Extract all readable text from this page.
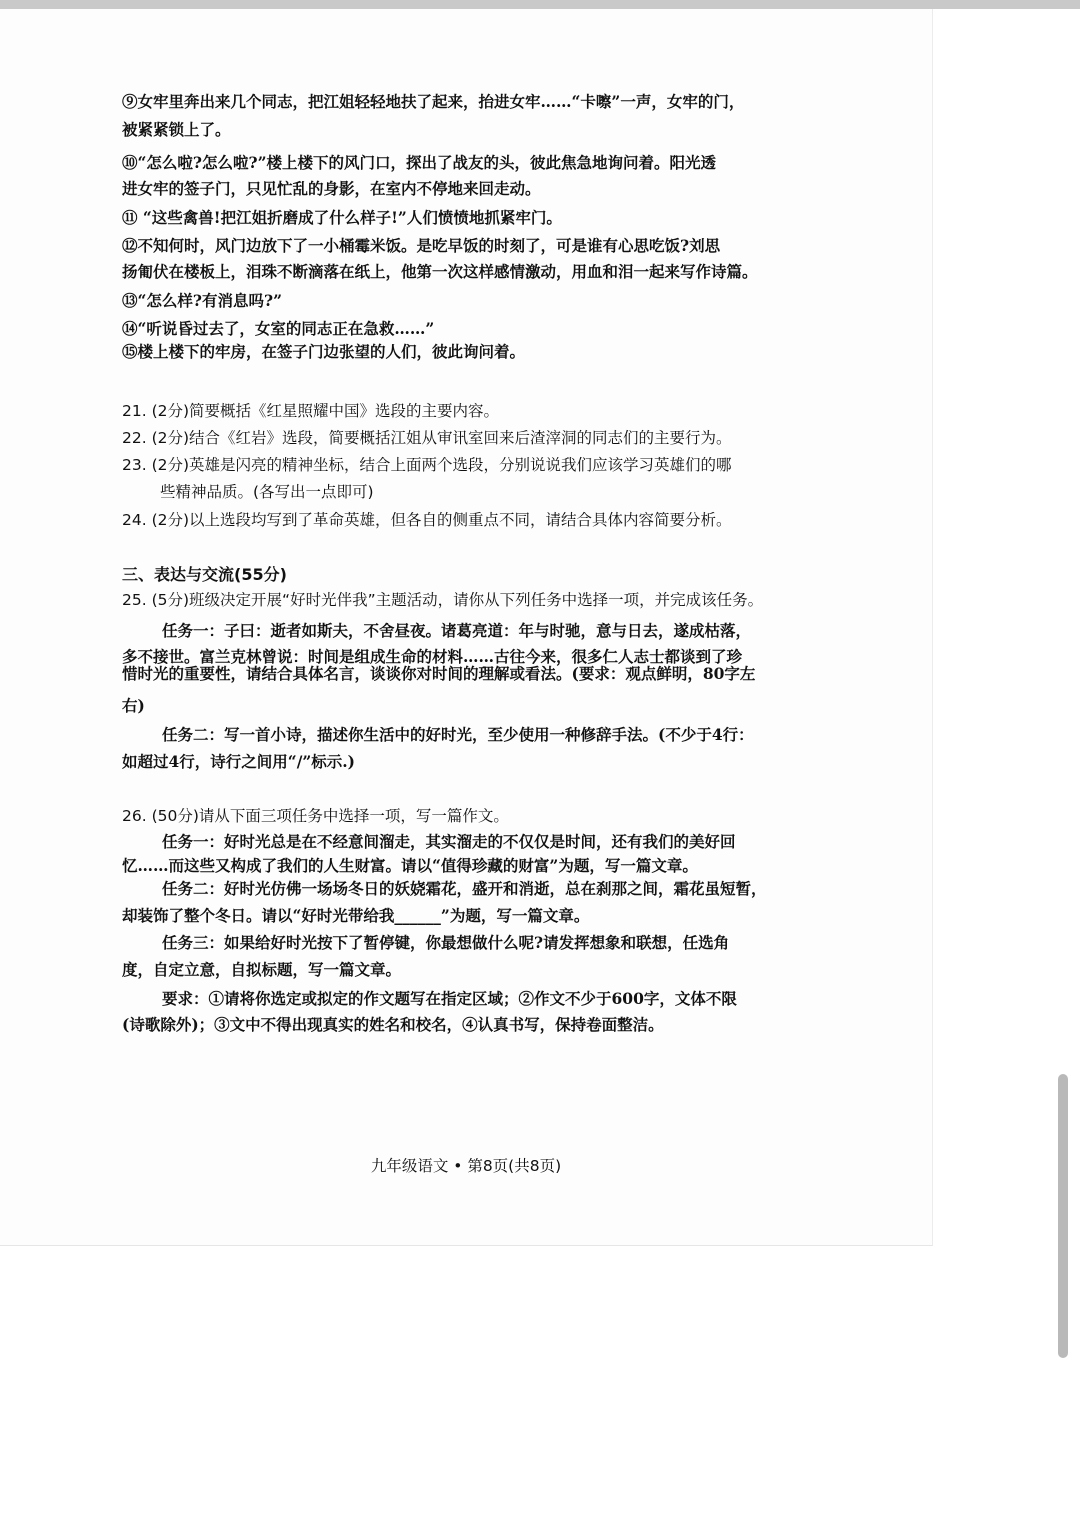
⑨女牢里奔出来几个同志，把江姐轻轻地扶了起来，抬进女牢……“卡嚓”一声，女牢的门，
被紧紧锁上了。
⑩“怎么啦?怎么啦?”楼上楼下的风门口，探出了战友的头，彼此焦急地询问着。阳光透
进女牢的签子门，只见忙乱的身影，在室内不停地来回走动。
⑪ “这些禽兽!把江姐折磨成了什么样子!”人们愤愤地抓紧牢门。
⑫不知何时，风门边放下了一小桶霉米饭。是吃早饭的时刻了，可是谁有心思吃饭?刘思
扬匍伏在楼板上，泪珠不断滴落在纸上，他第一次这样感情激动，用血和泪一起来写作诗篇。
⑬“怎么样?有消息吗?”
⑭“听说昏过去了，女室的同志正在急救……”
⑮楼上楼下的牢房，在签子门边张望的人们，彼此询问着。
21. (2分)简要概括《红星照耀中国》选段的主要内容。
22. (2分)结合《红岩》选段，简要概括江姐从审讯室回来后渣滓洞的同志们的主要行为。
23. (2分)英雄是闪亮的精神坐标，结合上面两个选段，分别说说我们应该学习英雄们的哪
些精神品质。(各写出一点即可)
24. (2分)以上选段均写到了革命英雄，但各自的侧重点不同，请结合具体内容简要分析。
三、表达与交流(55分)
25. (5分)班级决定开展“好时光伴我”主题活动，请你从下列任务中选择一项，并完成该任务。
任务一：子曰：逝者如斯夫，不舍昼夜。诸葛亮道：年与时驰，意与日去，遂成枯落，
多不接世。富兰克林曾说：时间是组成生命的材料……古往今来，很多仁人志士都谈到了珍
惜时光的重要性，请结合具体名言，谈谈你对时间的理解或看法。(要求：观点鲜明，80字左
右)
任务二：写一首小诗，描述你生活中的好时光，至少使用一种修辞手法。(不少于4行：
如超过4行，诗行之间用“/”标示.)
26. (50分)请从下面三项任务中选择一项，写一篇作文。
任务一：好时光总是在不经意间溜走，其实溜走的不仅仅是时间，还有我们的美好回
忆……而这些又构成了我们的人生财富。请以“值得珍藏的财富”为题，写一篇文章。
任务二：好时光仿佛一场场冬日的妖娆霜花，盛开和消逝，总在刹那之间，霜花虽短暂，
却装饰了整个冬日。请以“好时光带给我______”为题，写一篇文章。
任务三：如果给好时光按下了暂停键，你最想做什么呢?请发挥想象和联想，任选角
度，自定立意，自拟标题，写一篇文章。
要求：①请将你选定或拟定的作文题写在指定区域；②作文不少于600字，文体不限
(诗歌除外)；③文中不得出现真实的姓名和校名，④认真书写，保持卷面整洁。
九年级语文 • 第8页(共8页)
